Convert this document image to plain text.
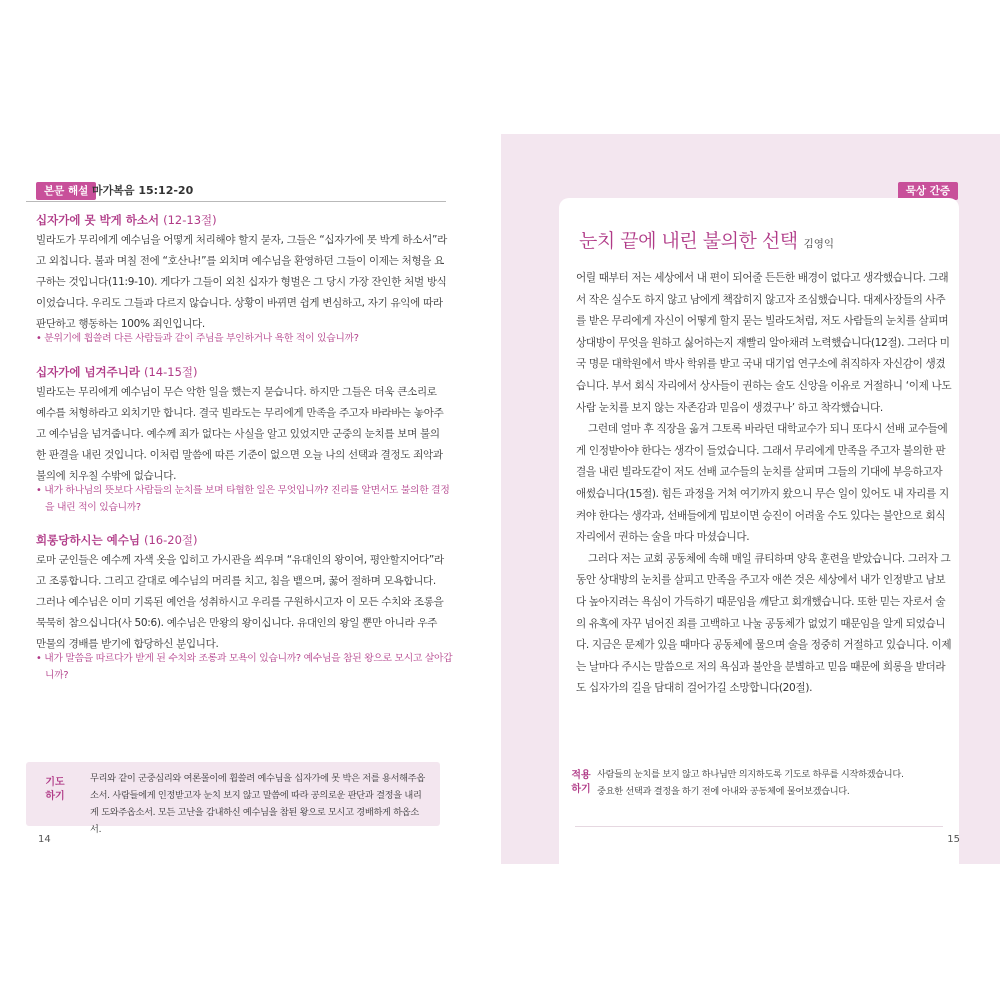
본문 해설 마가복음 15:12-20
십자가에 못 박게 하소서 (12-13절)
빌라도가 무리에게 예수님을 어떻게 처리해야 할지 묻자, 그들은 “십자가에 못 박게 하소서”라고 외칩니다. 불과 며칠 전에 “호산나!”를 외치며 예수님을 환영하던 그들이 이제는 처형을 요구하는 것입니다(11:9-10). 게다가 그들이 외친 십자가 형벌은 그 당시 가장 잔인한 처벌 방식이었습니다. 우리도 그들과 다르지 않습니다. 상황이 바뀌면 쉽게 변심하고, 자기 유익에 따라 판단하고 행동하는 100% 죄인입니다.
• 분위기에 휩쓸려 다른 사람들과 같이 주님을 부인하거나 욕한 적이 있습니까?
십자가에 넘겨주니라 (14-15절)
빌라도는 무리에게 예수님이 무슨 악한 일을 했는지 묻습니다. 하지만 그들은 더욱 큰소리로 예수를 처형하라고 외치기만 합니다. 결국 빌라도는 무리에게 만족을 주고자 바라바는 놓아주고 예수님을 넘겨줍니다. 예수께 죄가 없다는 사실을 알고 있었지만 군중의 눈치를 보며 불의한 판결을 내린 것입니다. 이처럼 말씀에 따른 기준이 없으면 오늘 나의 선택과 결정도 죄악과 불의에 치우칠 수밖에 없습니다.
• 내가 하나님의 뜻보다 사람들의 눈치를 보며 타협한 일은 무엇입니까? 진리를 알면서도 불의한 결정을 내린 적이 있습니까?
희롱당하시는 예수님 (16-20절)
로마 군인들은 예수께 자색 옷을 입히고 가시관을 씌우며 “유대인의 왕이여, 평안할지어다”라고 조롱합니다. 그리고 갈대로 예수님의 머리를 치고, 침을 뱉으며, 꿇어 절하며 모욕합니다. 그러나 예수님은 이미 기록된 예언을 성취하시고 우리를 구원하시고자 이 모든 수치와 조롱을 묵묵히 참으십니다(사 50:6). 예수님은 만왕의 왕이십니다. 유대인의 왕일 뿐만 아니라 우주 만물의 경배를 받기에 합당하신 분입니다.
• 내가 말씀을 따르다가 받게 된 수치와 조롱과 모욕이 있습니까? 예수님을 참된 왕으로 모시고 살아갑니까?
기도 하기
무리와 같이 군중심리와 여론몰이에 휩쓸려 예수님을 십자가에 못 박은 저를 용서해주옵소서. 사람들에게 인정받고자 눈치 보지 않고 말씀에 따라 공의로운 판단과 결정을 내리게 도와주옵소서. 모든 고난을 감내하신 예수님을 참된 왕으로 모시고 경배하게 하옵소서.
14
묵상 간증
눈치 끝에 내린 불의한 선택 김영익

어릴 때부터 저는 세상에서 내 편이 되어줄 든든한 배경이 없다고 생각했습니다. 그래서 작은 실수도 하지 않고 남에게 책잡히지 않고자 조심했습니다. 대제사장들의 사주를 받은 무리에게 자신이 어떻게 할지 묻는 빌라도처럼, 저도 사람들의 눈치를 살피며 상대방이 무엇을 원하고 싫어하는지 재빨리 알아채려 노력했습니다(12절). 그러다 미국 명문 대학원에서 박사 학위를 받고 국내 대기업 연구소에 취직하자 자신감이 생겼습니다. 부서 회식 자리에서 상사들이 권하는 술도 신앙을 이유로 거절하니 ‘이제 나도 사람 눈치를 보지 않는 자존감과 믿음이 생겼구나’ 하고 착각했습니다.

그런데 얼마 후 직장을 옮겨 그토록 바라던 대학교수가 되니 또다시 선배 교수들에게 인정받아야 한다는 생각이 들었습니다. 그래서 무리에게 만족을 주고자 불의한 판결을 내린 빌라도같이 저도 선배 교수들의 눈치를 살피며 그들의 기대에 부응하고자 애썼습니다(15절). 힘든 과정을 거쳐 여기까지 왔으니 무슨 일이 있어도 내 자리를 지켜야 한다는 생각과, 선배들에게 밉보이면 승진이 어려울 수도 있다는 불안으로 회식 자리에서 권하는 술을 마다 마셨습니다.

그러다 저는 교회 공동체에 속해 매일 큐티하며 양육 훈련을 받았습니다. 그러자 그동안 상대방의 눈치를 살피고 만족을 주고자 애쓴 것은 세상에서 내가 인정받고 남보다 높아지려는 욕심이 가득하기 때문임을 깨닫고 회개했습니다. 또한 믿는 자로서 술의 유혹에 자꾸 넘어진 죄를 고백하고 나눌 공동체가 없었기 때문임을 알게 되었습니다. 지금은 문제가 있을 때마다 공동체에 물으며 술을 정중히 거절하고 있습니다. 이제는 날마다 주시는 말씀으로 저의 욕심과 불안을 분별하고 믿음 때문에 희롱을 받더라도 십자가의 길을 담대히 걸어가길 소망합니다(20절).

15
적용 하기
사람들의 눈치를 보지 않고 하나님만 의지하도록 기도로 하루를 시작하겠습니다.
중요한 선택과 결정을 하기 전에 아내와 공동체에 물어보겠습니다.
